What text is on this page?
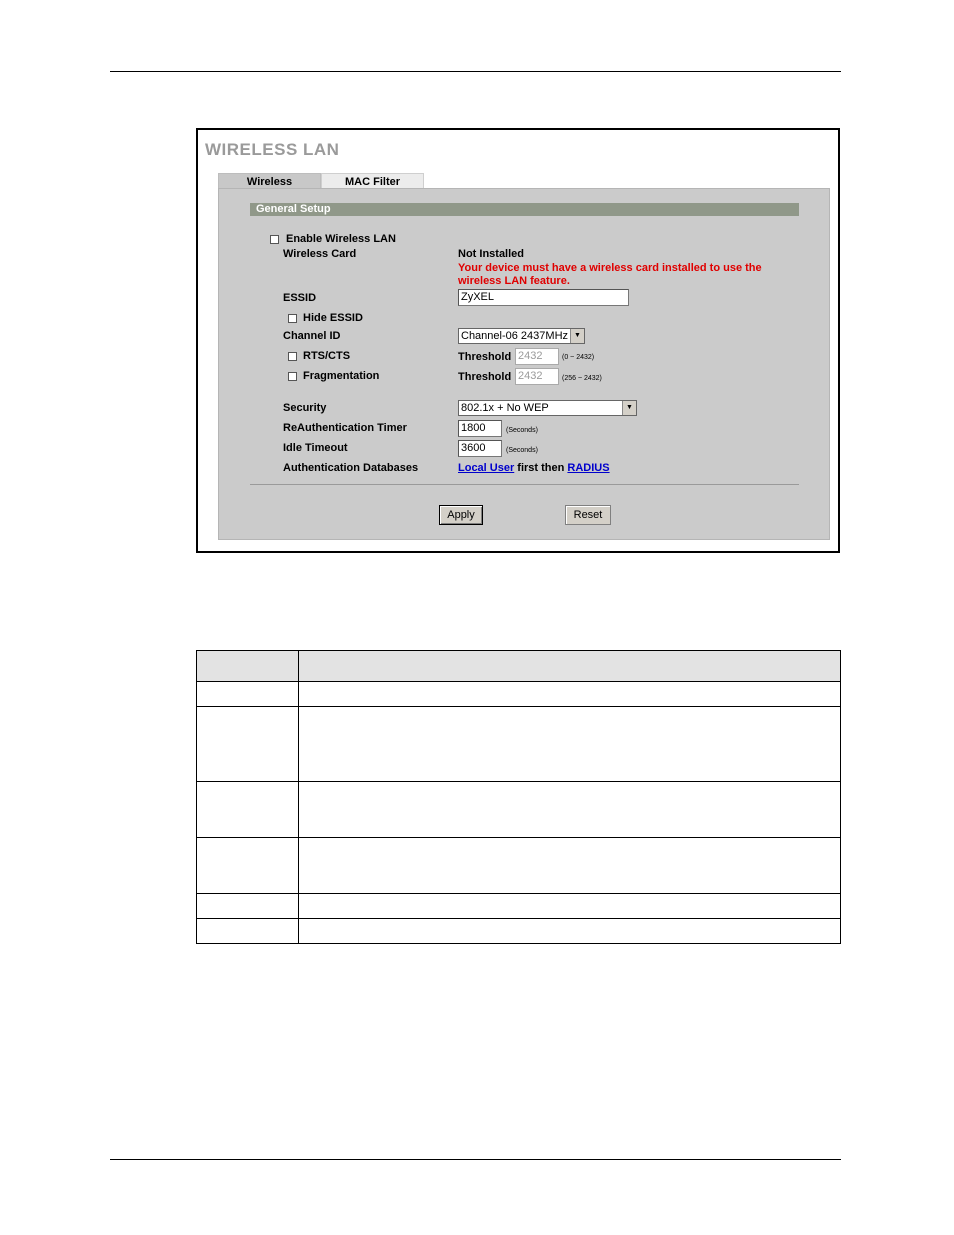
WIRELESS LAN
Wireless	MAC Filter
General Setup
Enable Wireless LAN
Wireless Card	Not Installed
Your device must have a wireless card installed to use the
wireless LAN feature.
ESSID	ZyXEL
Hide ESSID
Channel ID	Channel-06 2437MHz ▼
RTS/CTS	Threshold 2432	(0 ~ 2432)
Fragmentation	Threshold 2432	(256 ~ 2432)
Security	802.1x + No WEP	▼
ReAuthentication Timer	1800	(Seconds)
Idle Timeout	3600	(Seconds)
Authentication Databases	Local User first then RADIUS
Apply	Reset
